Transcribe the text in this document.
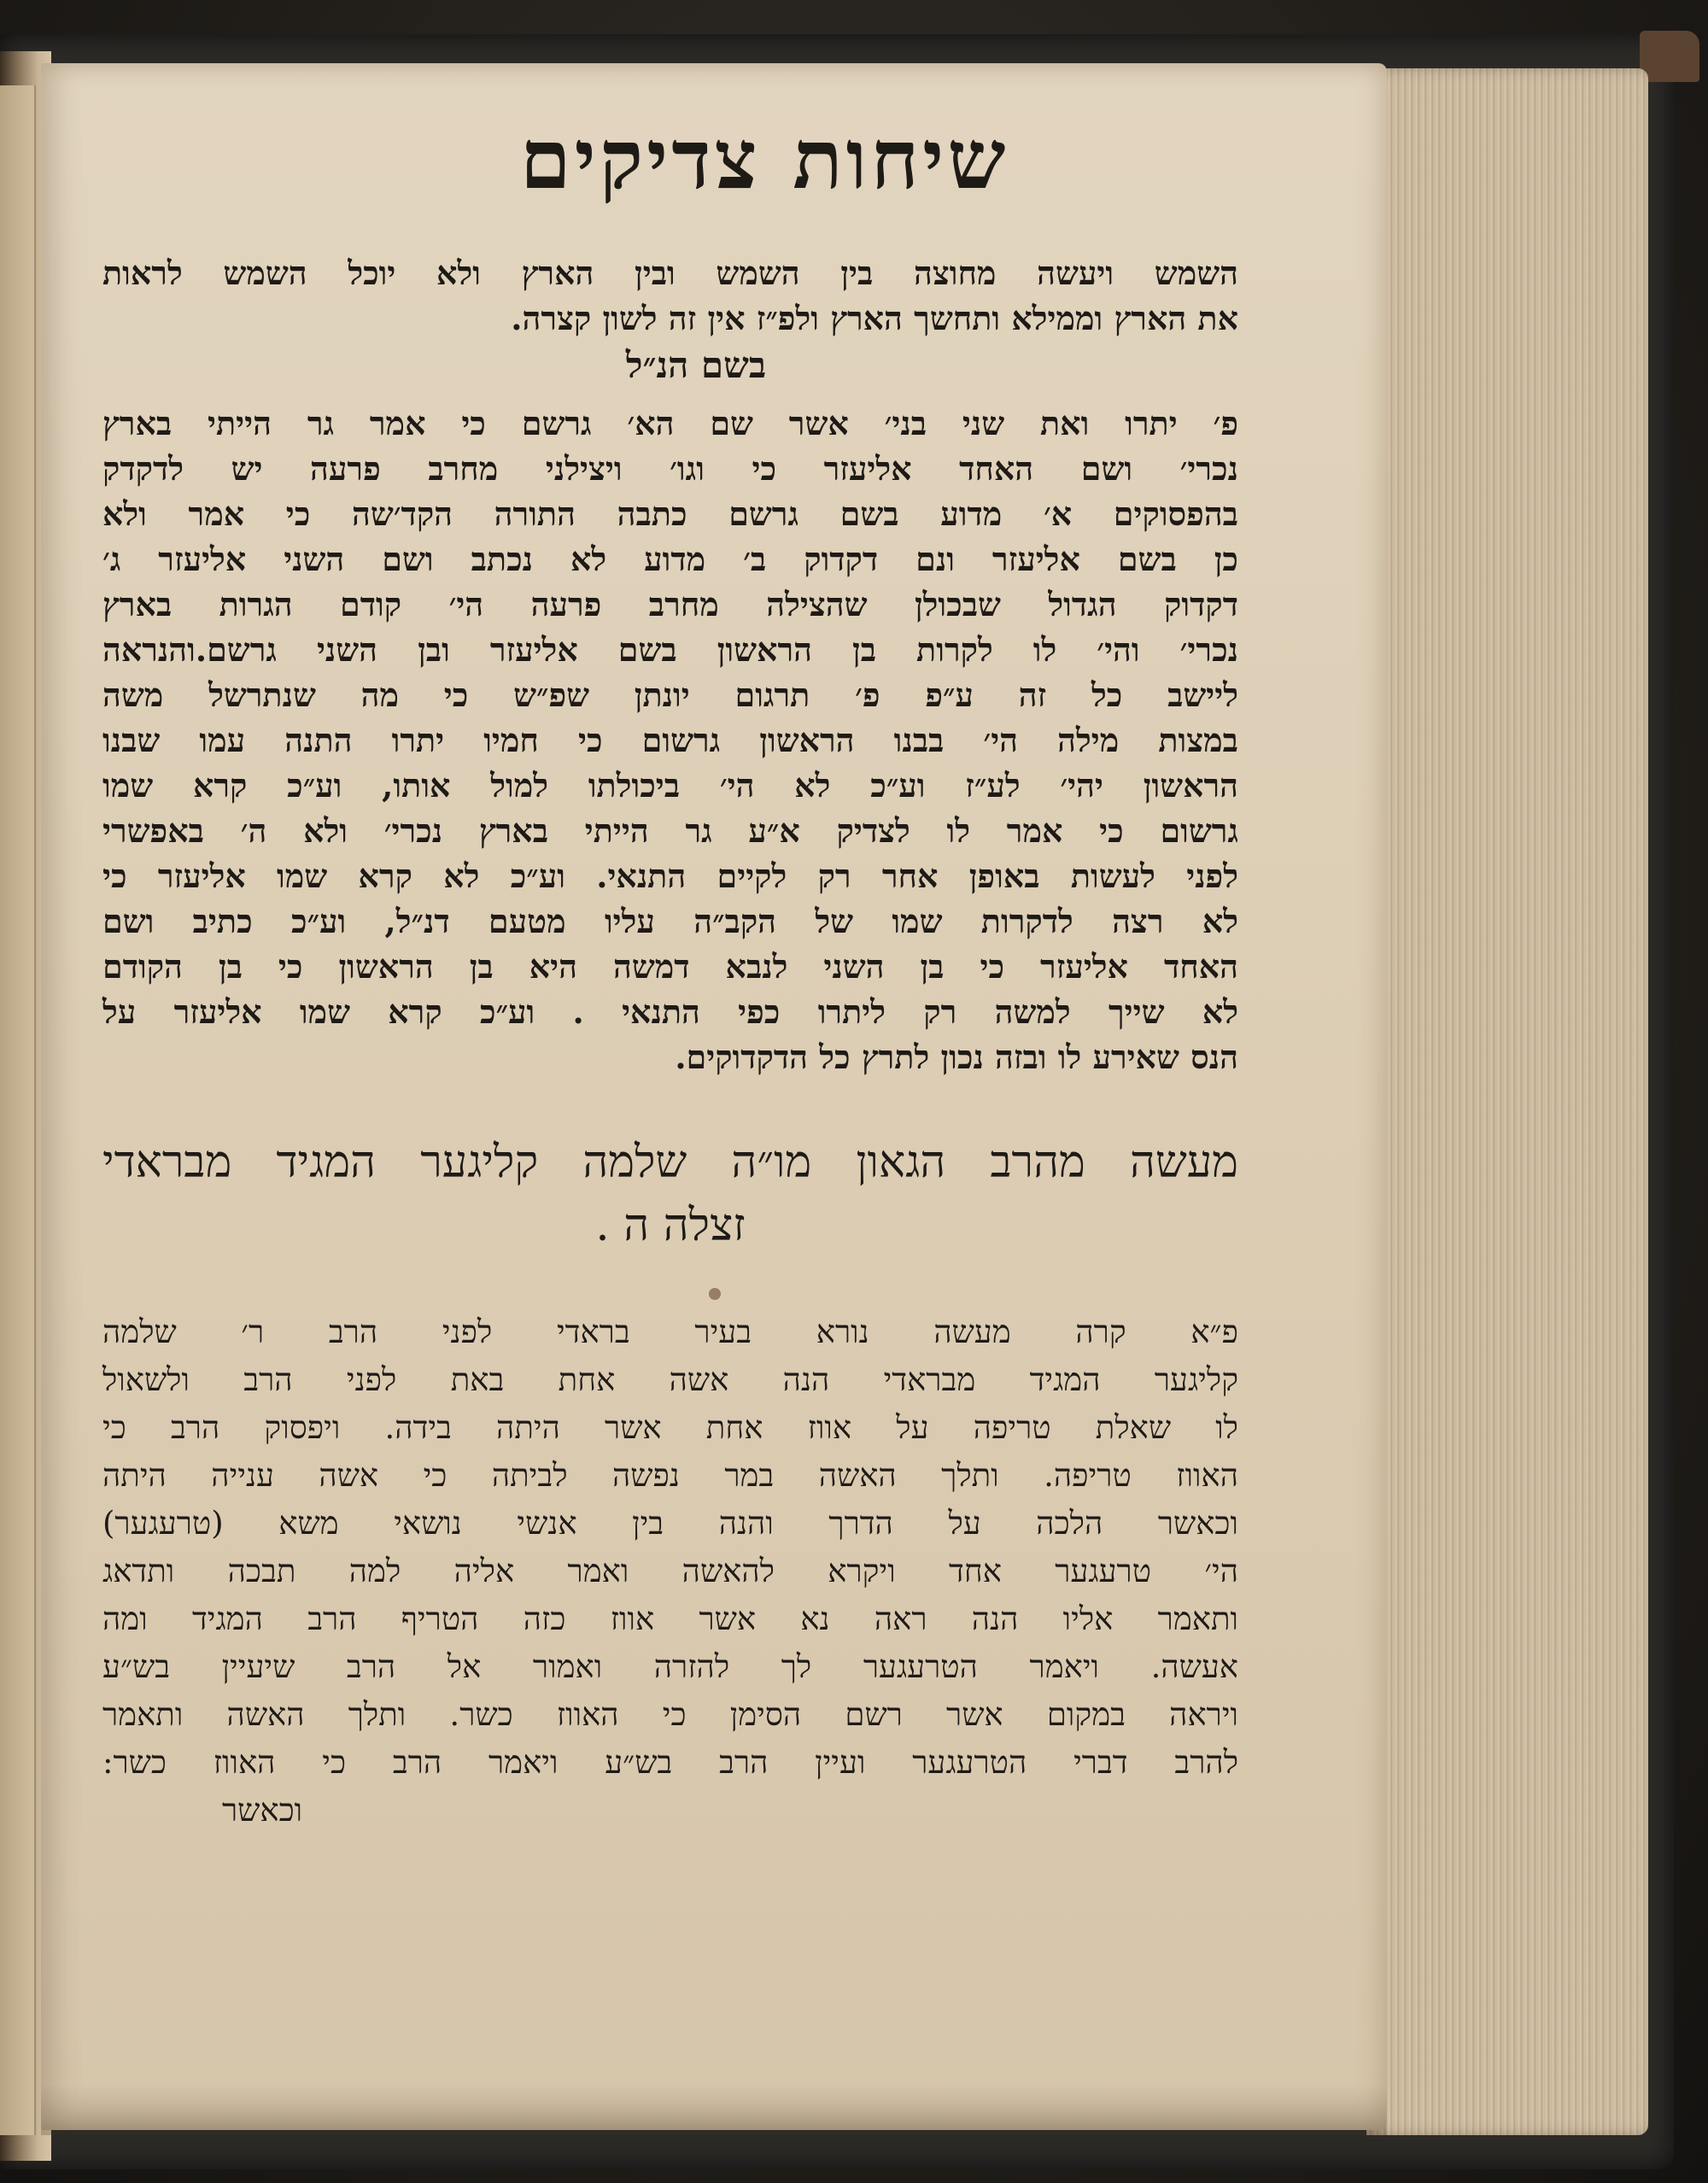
שיחות צדיקים
השמש ויעשה מחוצה בין השמש ובין הארץ ולא יוכל השמש לראות
את הארץ וממילא ותחשך הארץ ולפ״ז אין זה לשון קצרה.
בשם הנ״ל
פ׳ יתרו ואת שני בני׳ אשר שם הא׳ גרשם כי אמר גר הייתי בארץ
נכרי׳ ושם האחד אליעזר כי וגו׳ ויצילני מחרב פרעה יש לדקדק
בהפסוקים א׳ מדוע בשם גרשם כתבה התורה הקד׳שה כי אמר ולא
כן בשם אליעזר ונם דקדוק ב׳ מדוע לא נכתב ושם השני אליעזר ג׳
דקדוק הגדול שבכולן שהצילה מחרב פרעה הי׳ קודם הגרות בארץ
נכרי׳ והי׳ לו לקרות בן הראשון בשם אליעזר ובן השני גרשם.והנראה
ליישב כל זה ע״פ פ׳ תרגום יונתן שפ״ש כי מה שנתרשל משה
במצות מילה הי׳ בבנו הראשון גרשום כי חמיו יתרו התנה עמו שבנו
הראשון יהי׳ לע״ז וע״כ לא הי׳ ביכולתו למול אותו, וע״כ קרא שמו
גרשום כי אמר לו לצדיק א״ע גר הייתי בארץ נכרי׳ ולא ה׳ באפשרי
לפני לעשות באופן אחר רק לקיים התנאי. וע״כ לא קרא שמו אליעזר כי
לא רצה לדקרות שמו של הקב״ה עליו מטעם דנ״ל, וע״כ כתיב ושם
האחד אליעזר כי בן השני לנבא דמשה היא בן הראשון כי בן הקודם
לא שייך למשה רק ליתרו כפי התנאי . וע״כ קרא שמו אליעזר על
הנס שאירע לו ובזה נכון לתרץ כל הדקדוקים.
מעשה מהרב הגאון מו״ה שלמה קליגער המגיד מבראדי
זצלה ה .
פ״א קרה מעשה נורא בעיר בראדי לפני הרב ר׳ שלמה
קליגער המגיד מבראדי הנה אשה אחת באת לפני הרב ולשאול
לו שאלת טריפה על אווז אחת אשר היתה בידה. ויפסוק הרב כי
האווז טריפה. ותלך האשה במר נפשה לביתה כי אשה ענייה היתה
וכאשר הלכה על הדרך והנה בין אנשי נושאי משא (טרעגער)
הי׳ טרעגער אחד ויקרא להאשה ואמר אליה למה תבכה ותדאג
ותאמר אליו הנה ראה נא אשר אווז כזה הטריף הרב המגיד ומה
אעשה. ויאמר הטרעגער לך להזרה ואמור אל הרב שיעיין בש״ע
ויראה במקום אשר רשם הסימן כי האווז כשר. ותלך האשה ותאמר
להרב דברי הטרעגער ועיין הרב בש״ע ויאמר הרב כי האווז כשר:
וכאשר
